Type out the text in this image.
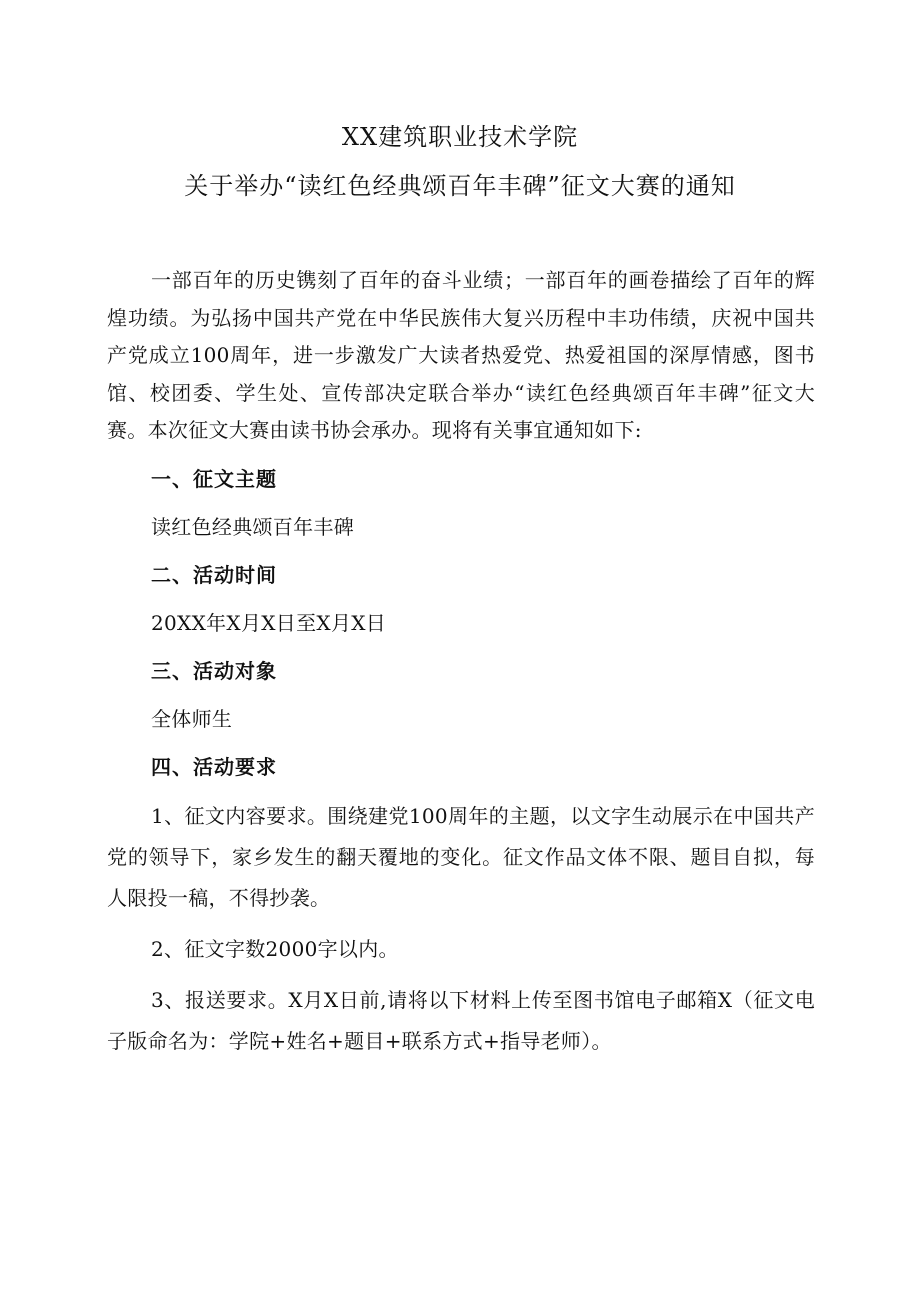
XX建筑职业技术学院
关于举办“读红色经典颂百年丰碑”征文大赛的通知

一部百年的历史镌刻了百年的奋斗业绩；一部百年的画卷描绘了百年的辉煌功绩。为弘扬中国共产党在中华民族伟大复兴历程中丰功伟绩，庆祝中国共产党成立100周年，进一步激发广大读者热爱党、热爱祖国的深厚情感，图书馆、校团委、学生处、宣传部决定联合举办“读红色经典颂百年丰碑”征文大赛。本次征文大赛由读书协会承办。现将有关事宜通知如下:

一、征文主题
读红色经典颂百年丰碑
二、活动时间
20XX年X月X日至X月X日
三、活动对象
全体师生
四、活动要求

1、征文内容要求。围绕建党100周年的主题，以文字生动展示在中国共产党的领导下，家乡发生的翻天覆地的变化。征文作品文体不限、题目自拟，每人限投一稿，不得抄袭。

2、征文字数2000字以内。

3、报送要求。X月X日前,请将以下材料上传至图书馆电子邮箱X（征文电子版命名为：学院+姓名+题目+联系方式+指导老师）。
